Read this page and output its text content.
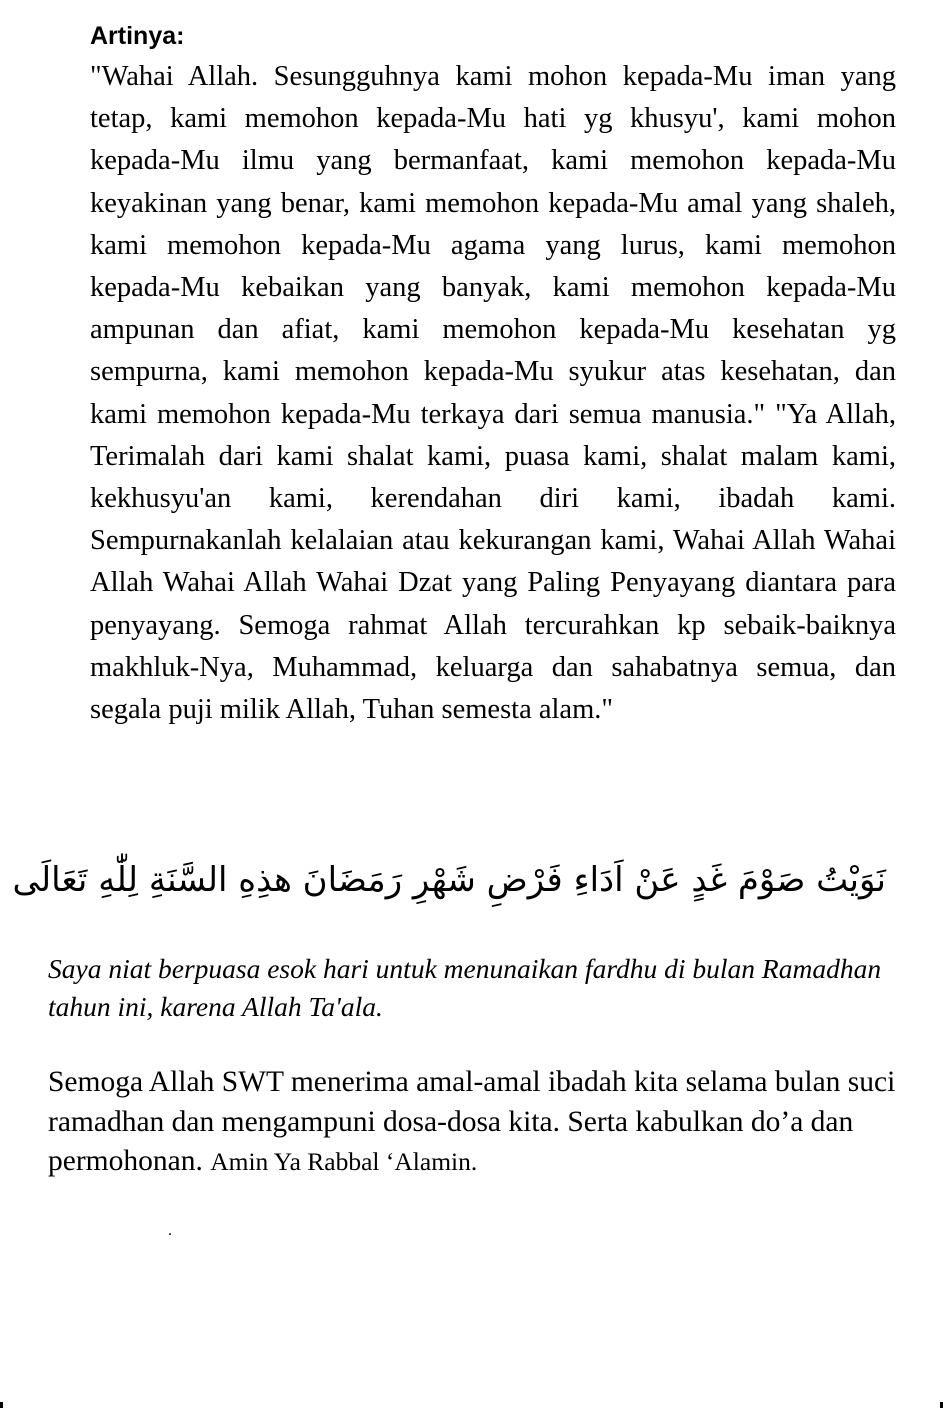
Artinya:

"Wahai Allah. Sesungguhnya kami mohon kepada-Mu iman yang tetap, kami memohon kepada-Mu hati yg khusyu', kami mohon kepada-Mu ilmu yang bermanfaat, kami memohon kepada-Mu keyakinan yang benar, kami memohon kepada-Mu amal yang shaleh, kami memohon kepada-Mu agama yang lurus, kami memohon kepada-Mu kebaikan yang banyak, kami memohon kepada-Mu ampunan dan afiat, kami memohon kepada-Mu kesehatan yg sempurna, kami memohon kepada-Mu syukur atas kesehatan, dan kami memohon kepada-Mu terkaya dari semua manusia." "Ya Allah, Terimalah dari kami shalat kami, puasa kami, shalat malam kami, kekhusyu'an kami, kerendahan diri kami, ibadah kami. Sempurnakanlah kelalaian atau kekurangan kami, Wahai Allah Wahai Allah Wahai Allah Wahai Dzat yang Paling Penyayang diantara para penyayang. Semoga rahmat Allah tercurahkan kp sebaik-baiknya makhluk-Nya, Muhammad, keluarga dan sahabatnya semua, dan segala puji milik Allah, Tuhan semesta alam."

نَوَيْتُ صَوْمَ غَدٍ عَنْ اَدَاءِ فَرْضِ شَهْرِ رَمَضَانَ هذِهِ السَّنَةِ لِلّٰهِ تَعَالَى

Saya niat berpuasa esok hari untuk menunaikan fardhu di bulan Ramadhan tahun ini, karena Allah Ta'ala.

Semoga Allah SWT menerima amal-amal ibadah kita selama bulan suci ramadhan dan mengampuni dosa-dosa kita. Serta kabulkan do’a dan permohonan. Amin Ya Rabbal ‘Alamin.

.
